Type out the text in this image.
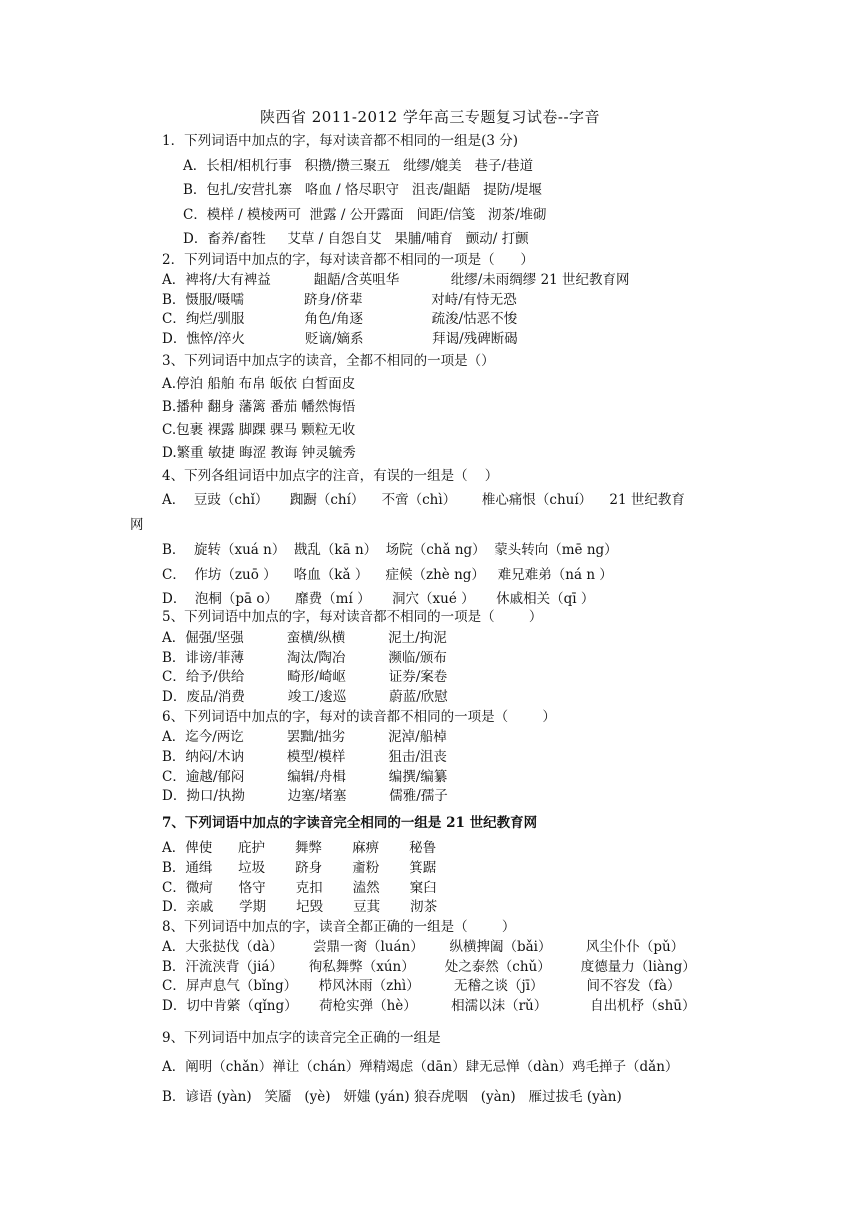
陕西省 2011-2012 学年高三专题复习试卷--字音
1．下列词语中加点的字，每对读音都不相同的一组是(3 分)
A．长相/相机行事   积攒/攒三聚五   纰缪/媲美   巷子/巷道
B．包扎/安营扎寨   咯血 / 恪尽职守   沮丧/龃龉   提防/堤堰
C．模样 / 模棱两可  泄露 / 公开露面   间距/信笺   沏茶/堆砌
D．畜养/畜牲     艾草 / 自怨自艾   果脯/哺育   颤动/ 打颤
2．下列词语中加点的字，每对读音都不相同的一项是（      ）
A．裨将/大有裨益          龃龉/含英咀华            纰缪/未雨绸缪 21 世纪教育网
B．慑服/嗫嚅              跻身/侪辈                对峙/有恃无恐
C．绚烂/驯服              角色/角逐                疏浚/怙恶不悛
D．憔悴/淬火              贬谪/嫡系                拜谒/残碑断碣
3、下列词语中加点字的读音，全都不相同的一项是（）
A.停泊 船舶 布帛 皈依 白皙面皮
B.播种 翻身 藩篱 番茄 幡然悔悟
C.包裹 裸露 脚踝 骒马 颗粒无收
D.繁重 敏捷 晦涩 教诲 钟灵毓秀
4、下列各组词语中加点字的注音，有误的一组是（    ）
A．  豆豉（chǐ）     踟蹰（chí）    不啻（chì）      椎心痛恨（chuí）    21 世纪教育
网
B．  旋转（xuá n）  戡乱（kā n）  场院（chǎ ng）  蒙头转向（mē ng）
C．  作坊（zuō ）    咯血（kǎ ）    症候（zhè ng）   难兄难弟（ná n ）
D．  泡桐（pā o）    靡费（mí ）     洞穴（xué ）     休戚相关（qī ）
5、下列词语中加点的字，每对读音都不相同的一项是（        ）
A．倔强/坚强          蛮横/纵横          泥土/拘泥
B．诽谤/菲薄          淘汰/陶冶          濒临/颁布
C．给予/供给          畸形/崎岖          证券/案卷
D．废品/消费          竣工/逡巡          蔚蓝/欣慰
6、下列词语中加点的字，每对的读音都不相同的一项是（        ）
A．迄今/两讫          罢黜/拙劣          泥淖/船棹
B．纳闷/木讷          模型/模样          狙击/沮丧
C．逾越/郁闷          编辑/舟楫          编撰/编纂
D．拗口/执拗          边塞/堵塞          儒雅/孺子
7、下列词语中加点的字读音完全相同的一组是 21 世纪教育网
A．俾使      庇护       舞弊       麻痹       秘鲁
B．通缉      垃圾       跻身       齑粉       箕踞
C．微疴      恪守       克扣       溘然       窠臼
D．亲戚      学期       圮毁       豆萁       沏茶
8、下列词语中加点的字，读音全都正确的一组是（        ）
A．大张挞伐（dà）       尝鼎一脔（luán）      纵横捭阖（bǎi）        风尘仆仆（pǔ）
B．汗流浃背（jiá）      徇私舞弊（xún）       处之泰然（chǔ）       度德量力（liàng）
C．屏声息气（bǐng）     栉风沐雨（zhì）        无稽之谈（jī）          间不容发（fà）
D．切中肯綮（qǐng）     荷枪实弹（hè）        相濡以沫（rǔ）          自出机杼（shū）
9、下列词语中加点字的读音完全正确的一组是
A．阐明（chǎn）禅让（chán）殚精竭虑（dān）肆无忌惮（dàn）鸡毛掸子（dǎn）
B．谚语 (yàn)   笑靥   (yè)   妍媸 (yán) 狼吞虎咽   (yàn)   雁过拔毛 (yàn)
